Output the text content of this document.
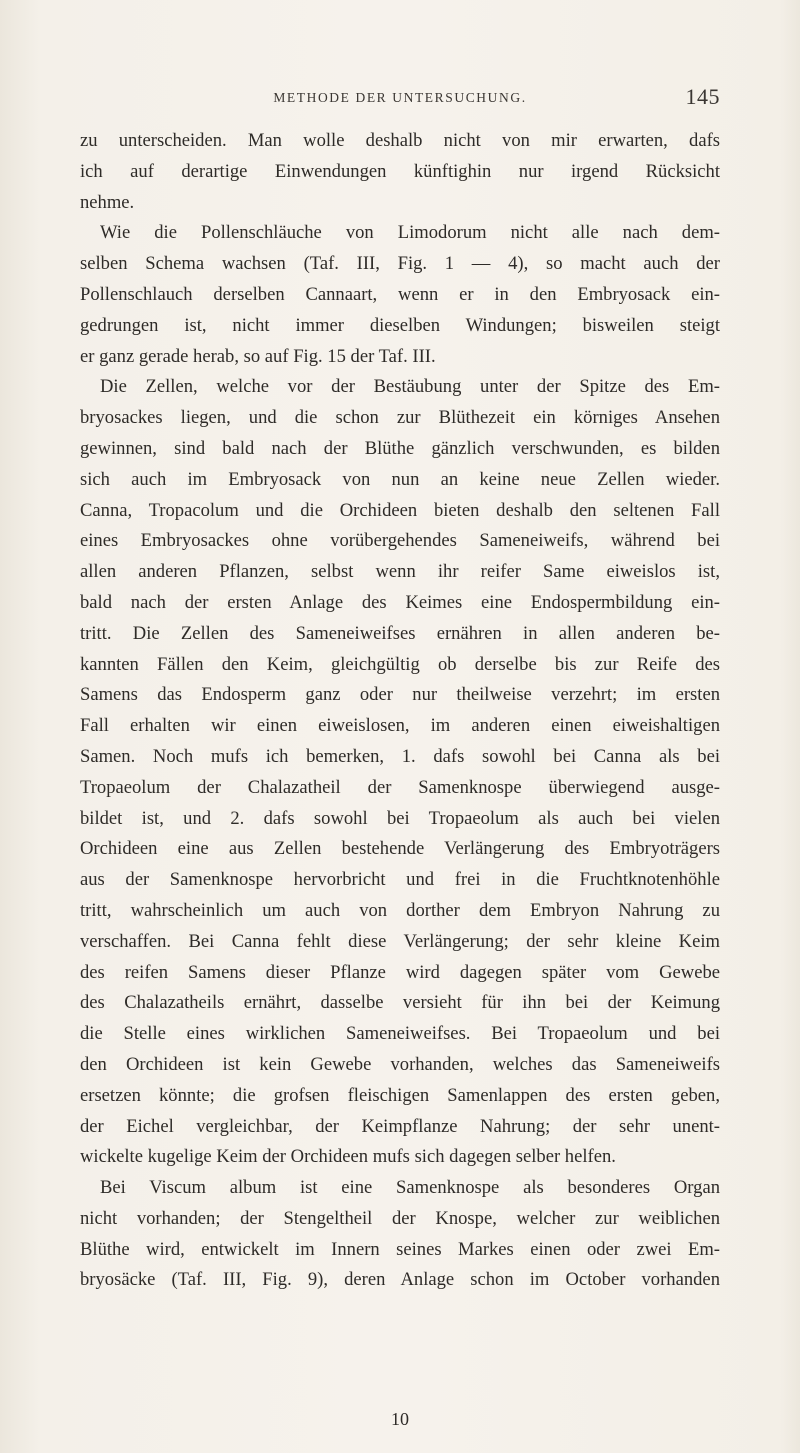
METHODE DER UNTERSUCHUNG.	145
zu unterscheiden. Man wolle deshalb nicht von mir erwarten, dafs
ich auf derartige Einwendungen künftighin nur irgend Rücksicht
nehme.
Wie die Pollenschläuche von Limodorum nicht alle nach dem-
selben Schema wachsen (Taf. III, Fig. 1 — 4), so macht auch der
Pollenschlauch derselben Cannaart, wenn er in den Embryosack ein-
gedrungen ist, nicht immer dieselben Windungen; bisweilen steigt
er ganz gerade herab, so auf Fig. 15 der Taf. III.
Die Zellen, welche vor der Bestäubung unter der Spitze des Em-
bryosackes liegen, und die schon zur Blüthezeit ein körniges Ansehen
gewinnen, sind bald nach der Blüthe gänzlich verschwunden, es bilden
sich auch im Embryosack von nun an keine neue Zellen wieder.
Canna, Tropacolum und die Orchideen bieten deshalb den seltenen Fall
eines Embryosackes ohne vorübergehendes Sameneiweifs, während bei
allen anderen Pflanzen, selbst wenn ihr reifer Same eiweislos ist,
bald nach der ersten Anlage des Keimes eine Endospermbildung ein-
tritt. Die Zellen des Sameneiweifses ernähren in allen anderen be-
kannten Fällen den Keim, gleichgültig ob derselbe bis zur Reife des
Samens das Endosperm ganz oder nur theilweise verzehrt; im ersten
Fall erhalten wir einen eiweislosen, im anderen einen eiweishaltigen
Samen. Noch mufs ich bemerken, 1. dafs sowohl bei Canna als bei
Tropaeolum der Chalazatheil der Samenknospe überwiegend ausge-
bildet ist, und 2. dafs sowohl bei Tropaeolum als auch bei vielen
Orchideen eine aus Zellen bestehende Verlängerung des Embryoträgers
aus der Samenknospe hervorbricht und frei in die Fruchtknotenhöhle
tritt, wahrscheinlich um auch von dorther dem Embryon Nahrung zu
verschaffen. Bei Canna fehlt diese Verlängerung; der sehr kleine Keim
des reifen Samens dieser Pflanze wird dagegen später vom Gewebe
des Chalazatheils ernährt, dasselbe versieht für ihn bei der Keimung
die Stelle eines wirklichen Sameneiweifses. Bei Tropaeolum und bei
den Orchideen ist kein Gewebe vorhanden, welches das Sameneiweifs
ersetzen könnte; die grofsen fleischigen Samenlappen des ersten geben,
der Eichel vergleichbar, der Keimpflanze Nahrung; der sehr unent-
wickelte kugelige Keim der Orchideen mufs sich dagegen selber helfen.
Bei Viscum album ist eine Samenknospe als besonderes Organ
nicht vorhanden; der Stengeltheil der Knospe, welcher zur weiblichen
Blüthe wird, entwickelt im Innern seines Markes einen oder zwei Em-
bryosäcke (Taf. III, Fig. 9), deren Anlage schon im October vorhanden
10
